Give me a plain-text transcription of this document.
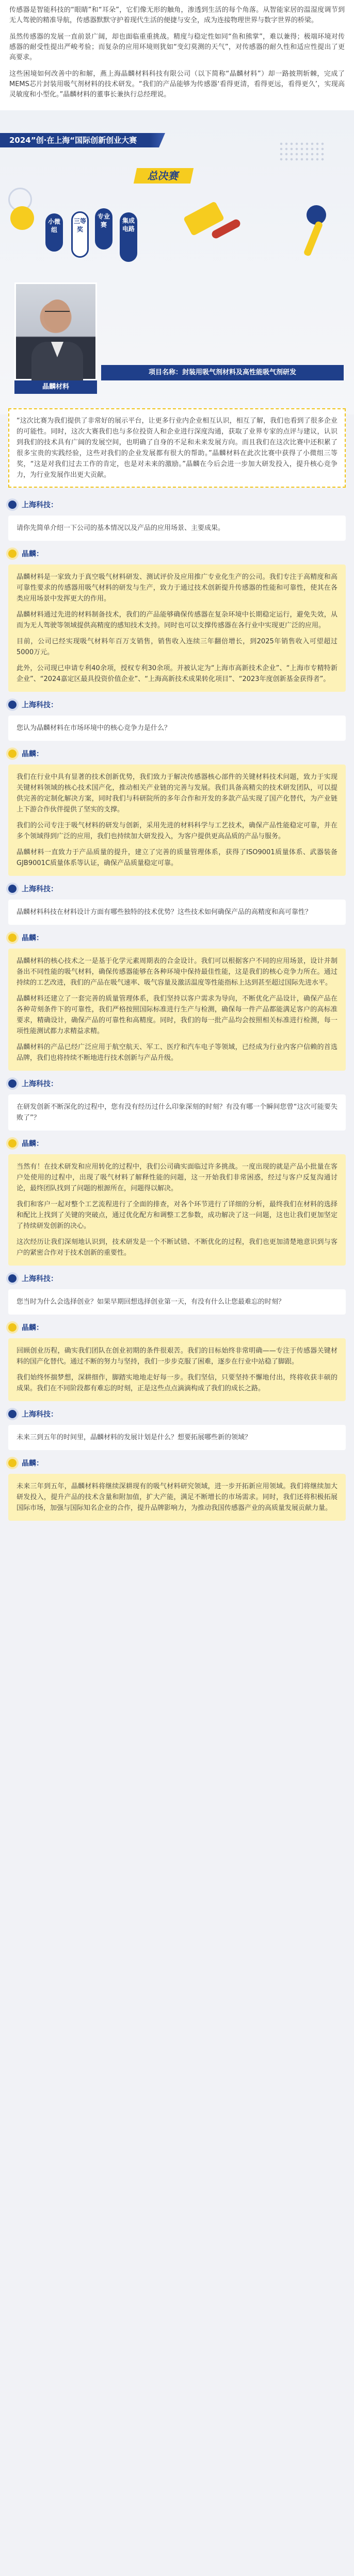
传感器是智能科技的“眼睛”和“耳朵”，它们像无形的触角，渗透到生活的每个角落。从智能家居的温湿度调节到无人驾驶的精准导航，传感器默默守护着现代生活的便捷与安全，成为连接物理世界与数字世界的桥梁。

虽然传感器的发展一直前景广阔，却也面临重重挑战。精度与稳定性如同“鱼和熊掌”，难以兼得；极端环境对传感器的耐受性提出严峻考验；而复杂的应用环境则犹如“变幻莫测的天气”，对传感器的耐久性和适应性提出了更高要求。

这些困境如何改善中的和解，燕上海晶麟材料科技有限公司（以下简称“晶麟材料”）却一路披荆斩棘，完成了MEMS芯片封装用吸气剂材料的技术研发。“我们的产品能够为传感器‘看得更清，看得更远，看得更久’，实现高灵敏度和小型化。”晶麟材料的董事长兼执行总经理说。

2024”创·在上海“国际创新创业大赛
总决赛
小微组
三等奖
专业赛
集成电路
晶麟材料
项目名称：封装用吸气剂材料及高性能吸气剂研发
“这次比赛为我们提供了非常好的展示平台，让更多行业内企业相互认识，相互了解，我们也看到了很多企业的可能性。同时，这次大赛我们也与多位投资人和企业进行深度沟通，获取了业界专家的点评与建议，认识到我们的技术具有广阔的发展空间，也明确了自身的不足和未来发展方向。而且我们在这次比赛中还积累了很多宝贵的实践经验，这些对我们的企业发展都有很大的帮助。”晶麟材料在此次比赛中获得了小微组三等奖，“这是对我们过去工作的肯定，也是对未来的激励。”晶麟在今后会进一步加大研发投入，提升核心竞争力，为行业发展作出更大贡献。
上海科技：

请你先简单介绍一下公司的基本情况以及产品的应用场景、主要成果。

晶麟：

晶麟材料是一家致力于真空吸气材料研发、测试评价及应用推广专业化生产的公司。我们专注于高精度和高可靠性要求的传感器用吸气材料的研发与生产，致力于通过技术创新提升传感器的性能和可靠性，使其在各类应用场景中发挥更大的作用。

晶麟材料通过先进的材料制备技术，我们的产品能够确保传感器在复杂环境中长期稳定运行，避免失效，从而为无人驾驶等领域提供高精度的感知技术支持。同时也可以支撑传感器在各行业中实现更广泛的应用。

目前，公司已经实现吸气材料年百万支销售，销售收入连续三年翻倍增长，到2025年销售收入可望超过5000万元。

此外，公司现已申请专利40余项，授权专利30余项。并被认定为“上海市高新技术企业”、“上海市专精特新企业”、“2024嘉定区最具投资价值企业”、“上海高新技术成果转化项目”、“2023年度创新基金获得者”。

上海科技：

您认为晶麟材料在市场环境中的核心竞争力是什么？

晶麟：

我们在行业中具有显著的技术创新优势，我们致力于解决传感器核心部件的关键材料技术问题，致力于实现关键材料领域的核心技术国产化，推动相关产业链的完善与发展。我们具备高精尖的技术研发团队，可以提供完善的定制化解决方案，同时我们与科研院所的多年合作和开发的多款产品实现了国产化替代，为产业链上下游合作伙伴提供了坚实的支撑。

我们的公司专注于吸气材料的研发与创新，采用先进的材料科学与工艺技术，确保产品性能稳定可靠，并在多个领域得到广泛的应用，我们也持续加大研发投入，为客户提供更高品质的产品与服务。

晶麟材料一直致力于产品质量的提升，建立了完善的质量管理体系，获得了ISO9001质量体系、武器装备GJB9001C质量体系等认证，确保产品质量稳定可靠。

上海科技：

晶麟材料科技在材料设计方面有哪些独特的技术优势？这些技术如何确保产品的高精度和高可靠性？

晶麟：

晶麟材料的核心技术之一是基于化学元素周期表的合金设计。我们可以根据客户不同的应用场景，设计并制备出不同性能的吸气材料，确保传感器能够在各种环境中保持最佳性能，这是我们的核心竞争力所在。通过持续的工艺改进，我们的产品在吸气速率、吸气容量及激活温度等性能指标上达到甚至超过国际先进水平。

晶麟材料还建立了一套完善的质量管理体系，我们坚持以客户需求为导向，不断优化产品设计，确保产品在各种苛刻条件下的可靠性，我们严格按照国际标准进行生产与检测，确保每一件产品都能满足客户的高标准要求，精确设计，确保产品的可靠性和高精度。同时，我们的每一批产品均会按照相关标准进行检测，每一项性能测试都力求精益求精。

晶麟材料的产品已经广泛应用于航空航天、军工、医疗和汽车电子等领域，已经成为行业内客户信赖的首选品牌，我们也将持续不断地进行技术创新与产品升级。

上海科技：

在研发创新不断深化的过程中，您有没有经历过什么印象深刻的时刻？有没有哪一个瞬间您曾“这次可能要失败了”？

晶麟：

当然有！在技术研发和应用转化的过程中，我们公司确实面临过许多挑战。一度出现的就是产品小批量在客户处使用的过程中，出现了吸气材料了解释性能的问题，这一开始我们非常困惑，经过与客户反复沟通讨论，最终团队找到了问题的根源所在，问题得以解决。

我们和客户一起对整个工艺流程进行了全面的排查，对各个环节进行了详细的分析，最终我们在材料的选择和配比上找到了关键的突破点，通过优化配方和调整工艺参数，成功解决了这一问题，这也让我们更加坚定了持续研发创新的决心。

这次经历让我们深刻地认识到，技术研发是一个不断试错、不断优化的过程，我们也更加清楚地意识到与客户的紧密合作对于技术创新的重要性。

上海科技：

您当时为什么会选择创业？如果早期回想选择创业第一天，有没有什么让您最难忘的时刻？

晶麟：

回顾创业历程，确实我们团队在创业初期的条件很艰苦。我们的目标始终非常明确——专注于传感器关键材料的国产化替代。通过不断的努力与坚持，我们一步步克服了困难，逐步在行业中站稳了脚跟。

我们始终怀揣梦想，深耕细作，脚踏实地地走好每一步。我们坚信，只要坚持不懈地付出，终将收获丰硕的成果。我们在不同阶段都有难忘的时刻，正是这些点点滴滴构成了我们的成长之路。

上海科技：

未来三到五年的时间里，晶麟材料的发展计划是什么？想要拓展哪些新的领域？

晶麟：

未来三年到五年，晶麟材料将继续深耕现有的吸气材料研究领域，进一步开拓新应用领域。我们将继续加大研发投入，提升产品的技术含量和附加值，扩大产能，满足不断增长的市场需求。同时，我们还将积极拓展国际市场，加强与国际知名企业的合作，提升品牌影响力，为推动我国传感器产业的高质量发展贡献力量。
